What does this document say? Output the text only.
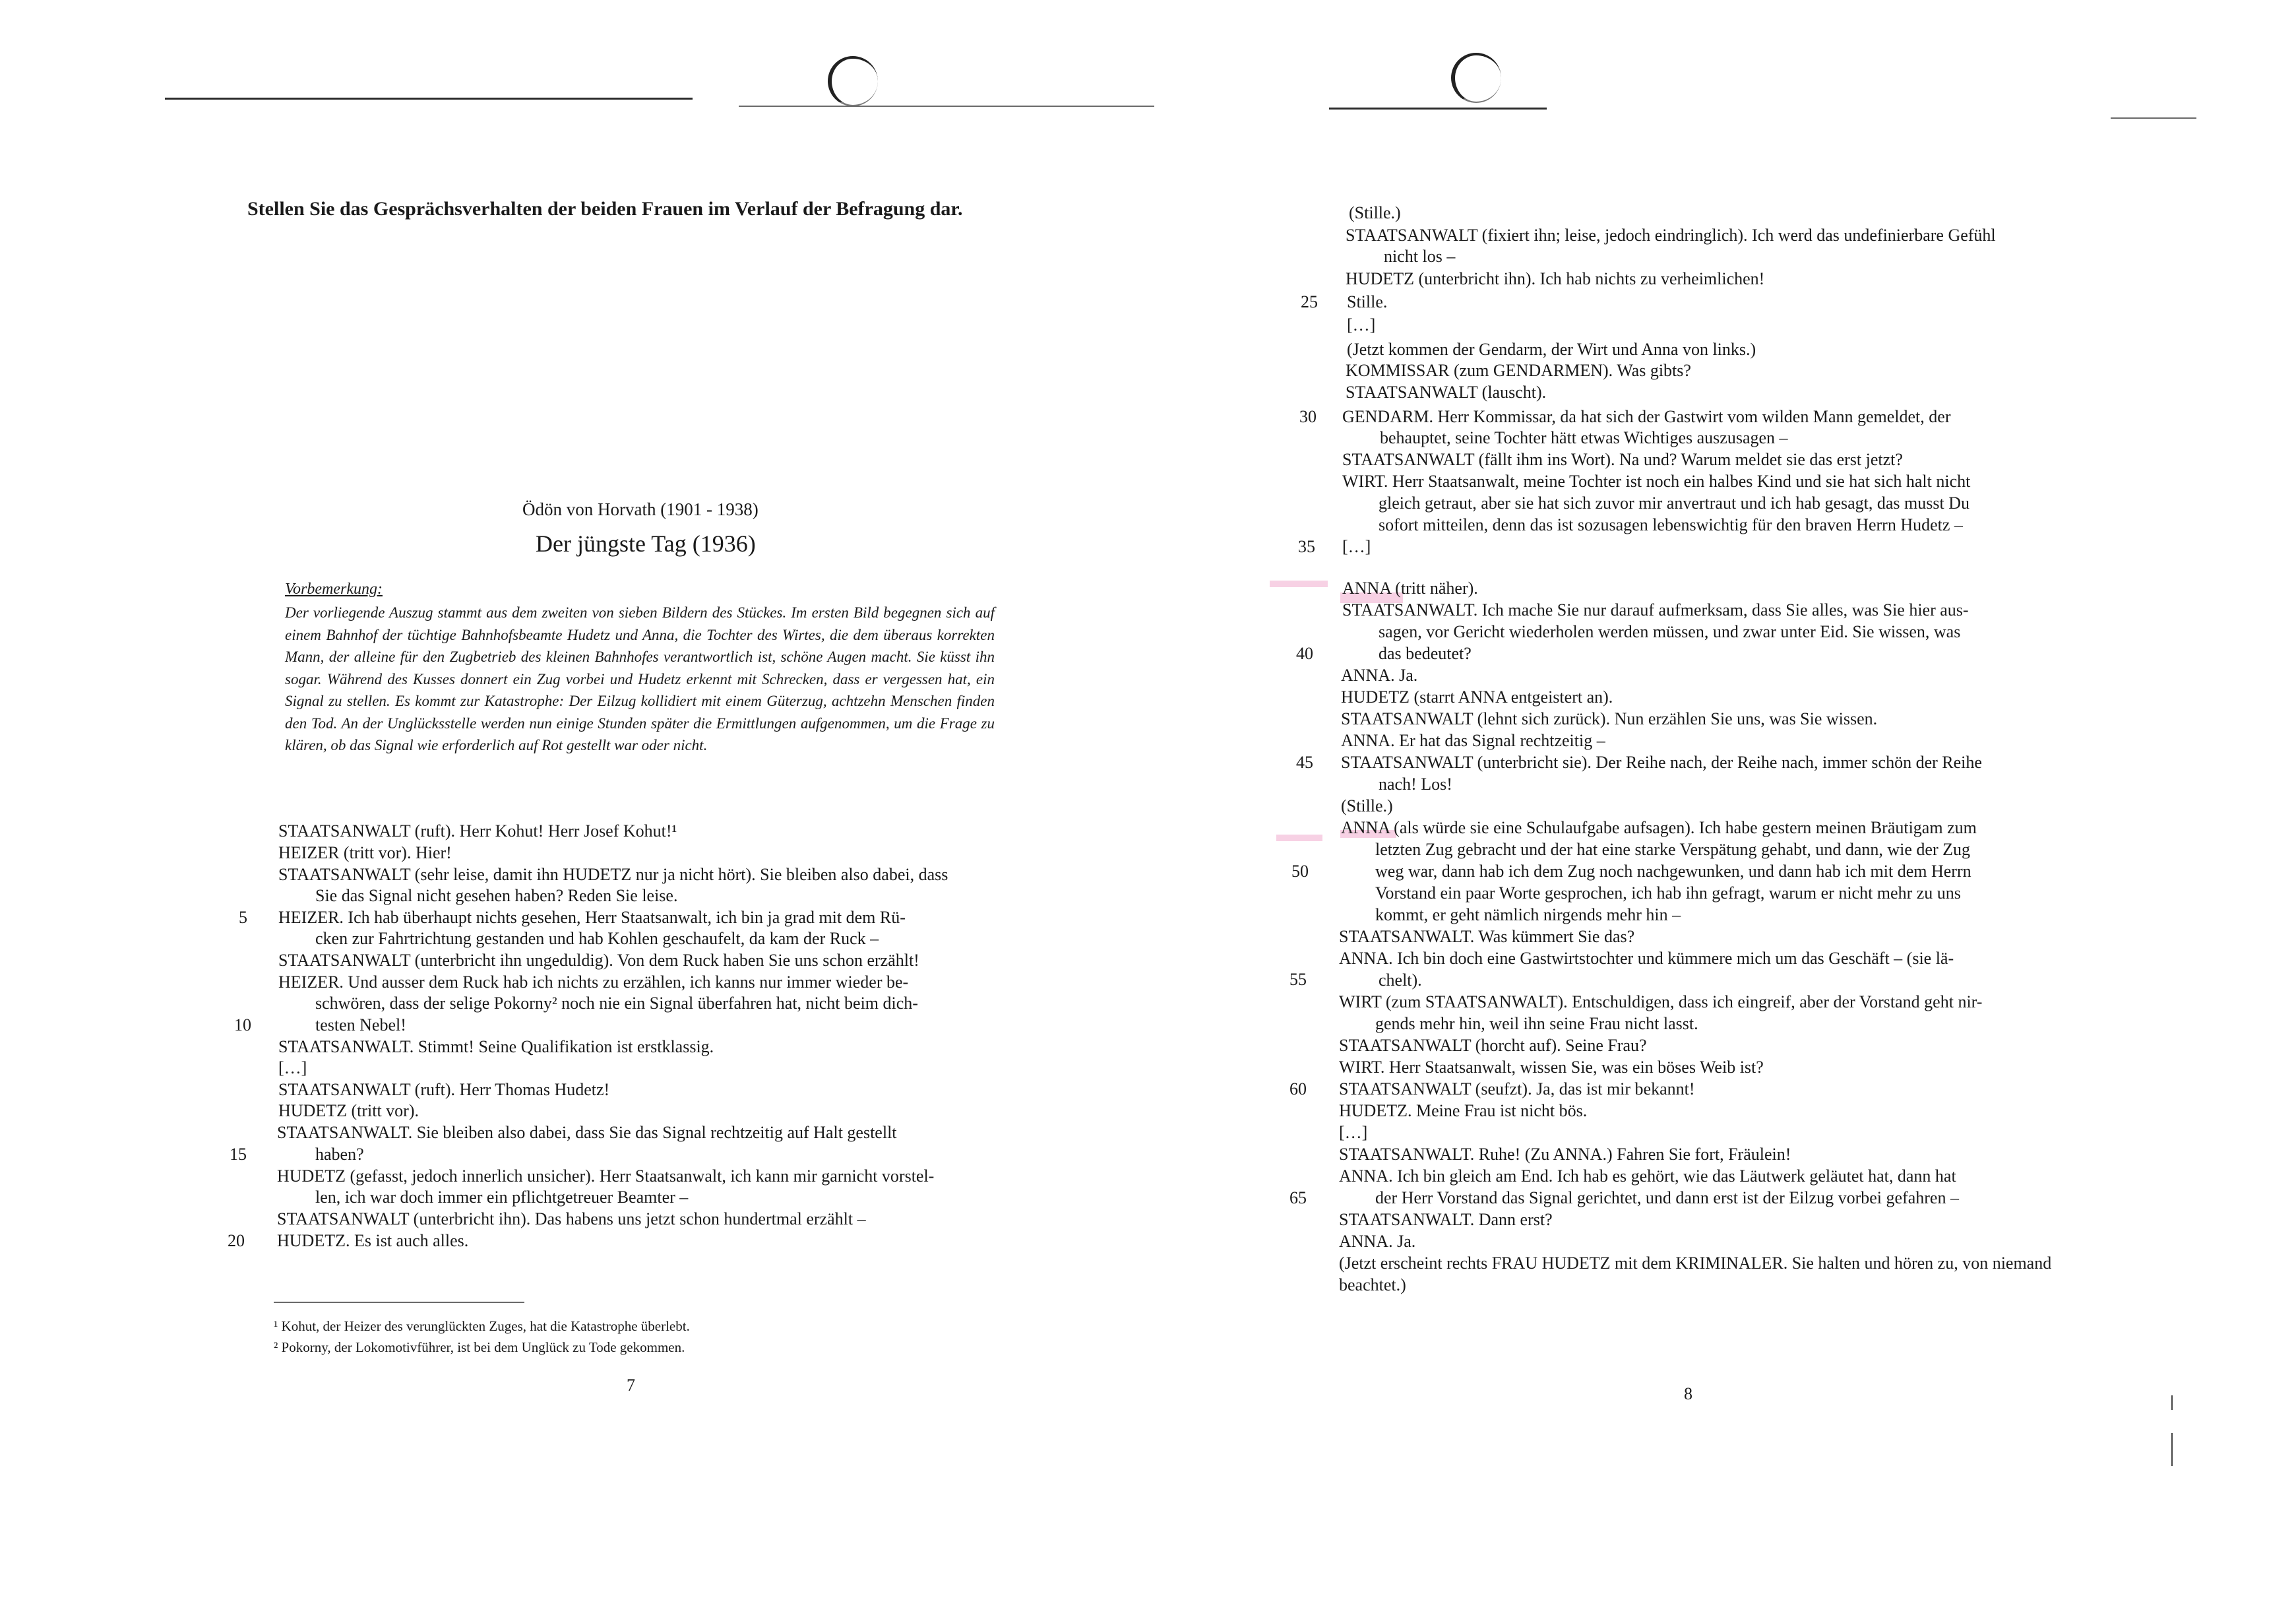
Stellen Sie das Gesprächsverhalten der beiden Frauen im Verlauf der Befragung dar.
Ödön von Horvath (1901 - 1938)
Der jüngste Tag (1936)
Vorbemerkung:
Der vorliegende Auszug stammt aus dem zweiten von sieben Bildern des Stückes. Im ersten Bild begegnen sich auf einem Bahnhof der tüchtige Bahnhofsbeamte Hudetz und Anna, die Tochter des Wirtes, die dem überaus korrekten Mann, der alleine für den Zugbetrieb des kleinen Bahnhofes verantwortlich ist, schöne Augen macht. Sie küsst ihn sogar. Während des Kusses donnert ein Zug vorbei und Hudetz erkennt mit Schrecken, dass er vergessen hat, ein Signal zu stellen. Es kommt zur Katastrophe: Der Eilzug kollidiert mit einem Güterzug, achtzehn Menschen finden den Tod. An der Unglücksstelle werden nun einige Stunden später die Ermittlungen aufgenommen, um die Frage zu klären, ob das Signal wie erforderlich auf Rot gestellt war oder nicht.
STAATSANWALT (ruft). Herr Kohut! Herr Josef Kohut!¹
HEIZER (tritt vor). Hier!
STAATSANWALT (sehr leise, damit ihn HUDETZ nur ja nicht hört). Sie bleiben also dabei, dass
Sie das Signal nicht gesehen haben? Reden Sie leise.
HEIZER. Ich hab überhaupt nichts gesehen, Herr Staatsanwalt, ich bin ja grad mit dem Rü-
cken zur Fahrtrichtung gestanden und hab Kohlen geschaufelt, da kam der Ruck –
STAATSANWALT (unterbricht ihn ungeduldig). Von dem Ruck haben Sie uns schon erzählt!
HEIZER. Und ausser dem Ruck hab ich nichts zu erzählen, ich kanns nur immer wieder be-
schwören, dass der selige Pokorny² noch nie ein Signal überfahren hat, nicht beim dich-
testen Nebel!
STAATSANWALT. Stimmt! Seine Qualifikation ist erstklassig.
[…]
STAATSANWALT (ruft). Herr Thomas Hudetz!
HUDETZ (tritt vor).
STAATSANWALT. Sie bleiben also dabei, dass Sie das Signal rechtzeitig auf Halt gestellt
haben?
HUDETZ (gefasst, jedoch innerlich unsicher). Herr Staatsanwalt, ich kann mir garnicht vorstel-
len, ich war doch immer ein pflichtgetreuer Beamter –
STAATSANWALT (unterbricht ihn). Das habens uns jetzt schon hundertmal erzählt –
HUDETZ. Es ist auch alles.
5
10
15
20
¹ Kohut, der Heizer des verunglückten Zuges, hat die Katastrophe überlebt.
² Pokorny, der Lokomotivführer, ist bei dem Unglück zu Tode gekommen.
7
(Stille.)
STAATSANWALT (fixiert ihn; leise, jedoch eindringlich). Ich werd das undefinierbare Gefühl
nicht los –
HUDETZ (unterbricht ihn). Ich hab nichts zu verheimlichen!
Stille.
[…]
(Jetzt kommen der Gendarm, der Wirt und Anna von links.)
KOMMISSAR (zum GENDARMEN). Was gibts?
STAATSANWALT (lauscht).
GENDARM. Herr Kommissar, da hat sich der Gastwirt vom wilden Mann gemeldet, der
behauptet, seine Tochter hätt etwas Wichtiges auszusagen –
STAATSANWALT (fällt ihm ins Wort). Na und? Warum meldet sie das erst jetzt?
WIRT. Herr Staatsanwalt, meine Tochter ist noch ein halbes Kind und sie hat sich halt nicht
gleich getraut, aber sie hat sich zuvor mir anvertraut und ich hab gesagt, das musst Du
sofort mitteilen, denn das ist sozusagen lebenswichtig für den braven Herrn Hudetz –
[…]
ANNA (tritt näher).
STAATSANWALT. Ich mache Sie nur darauf aufmerksam, dass Sie alles, was Sie hier aus-
sagen, vor Gericht wiederholen werden müssen, und zwar unter Eid. Sie wissen, was
das bedeutet?
ANNA. Ja.
HUDETZ (starrt ANNA entgeistert an).
STAATSANWALT (lehnt sich zurück). Nun erzählen Sie uns, was Sie wissen.
ANNA. Er hat das Signal rechtzeitig –
STAATSANWALT (unterbricht sie). Der Reihe nach, der Reihe nach, immer schön der Reihe
nach! Los!
(Stille.)
ANNA (als würde sie eine Schulaufgabe aufsagen). Ich habe gestern meinen Bräutigam zum
letzten Zug gebracht und der hat eine starke Verspätung gehabt, und dann, wie der Zug
weg war, dann hab ich dem Zug noch nachgewunken, und dann hab ich mit dem Herrn
Vorstand ein paar Worte gesprochen, ich hab ihn gefragt, warum er nicht mehr zu uns
kommt, er geht nämlich nirgends mehr hin –
STAATSANWALT. Was kümmert Sie das?
ANNA. Ich bin doch eine Gastwirtstochter und kümmere mich um das Geschäft – (sie lä-
chelt).
WIRT (zum STAATSANWALT). Entschuldigen, dass ich eingreif, aber der Vorstand geht nir-
gends mehr hin, weil ihn seine Frau nicht lasst.
STAATSANWALT (horcht auf). Seine Frau?
WIRT. Herr Staatsanwalt, wissen Sie, was ein böses Weib ist?
STAATSANWALT (seufzt). Ja, das ist mir bekannt!
HUDETZ. Meine Frau ist nicht bös.
[…]
STAATSANWALT. Ruhe! (Zu ANNA.) Fahren Sie fort, Fräulein!
ANNA. Ich bin gleich am End. Ich hab es gehört, wie das Läutwerk geläutet hat, dann hat
der Herr Vorstand das Signal gerichtet, und dann erst ist der Eilzug vorbei gefahren –
STAATSANWALT. Dann erst?
ANNA. Ja.
(Jetzt erscheint rechts FRAU HUDETZ mit dem KRIMINALER. Sie halten und hören zu, von niemand
beachtet.)
25
30
35
40
45
50
55
60
65
8
